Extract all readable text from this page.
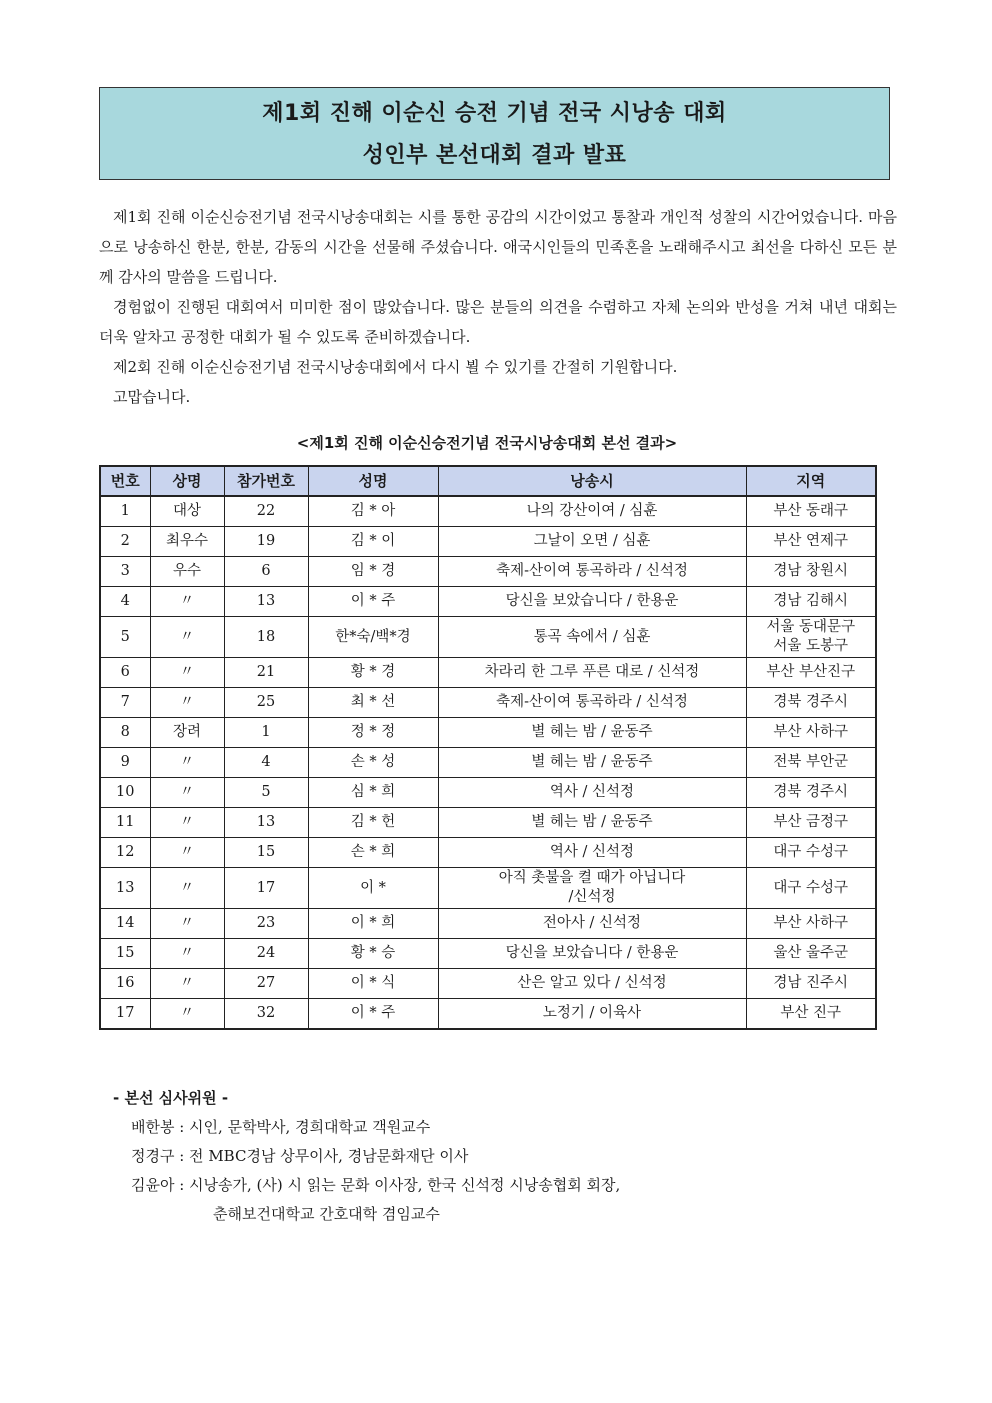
제1회 진해 이순신 승전 기념 전국 시낭송 대회
성인부 본선대회 결과 발표

제1회 진해 이순신승전기념 전국시낭송대회는 시를 통한 공감의 시간이었고 통찰과 개인적 성찰의 시간어었습니다. 마음으로 낭송하신 한분, 한분, 감동의 시간을 선물해 주셨습니다. 애국시인들의 민족혼을 노래해주시고 최선을 다하신 모든 분께 감사의 말씀을 드립니다.

경험없이 진행된 대회여서 미미한 점이 많았습니다. 많은 분들의 의견을 수렴하고 자체 논의와 반성을 거쳐 내년 대회는 더욱 알차고 공정한 대회가 될 수 있도록 준비하겠습니다.

제2회 진해 이순신승전기념 전국시낭송대회에서 다시 뵐 수 있기를 간절히 기원합니다.

고맙습니다.

<제1회 진해 이순신승전기념 전국시낭송대회 본선 결과>
번호	상명	참가번호	성명	낭송시	지역

1	대상	22	김 * 아	나의 강산이여 / 심훈	부산 동래구

2	최우수	19	김 * 이	그날이 오면 / 심훈	부산 연제구

3	우수	6	임 * 경	축제-산이여 통곡하라 / 신석정	경남 창원시

4	〃	13	이 * 주	당신을 보았습니다 / 한용운	경남 김해시

5	〃	18	한*숙/백*경	통곡 속에서 / 심훈	서울 동대문구
서울 도봉구

6	〃	21	황 * 경	차라리 한 그루 푸른 대로 / 신석정	부산 부산진구

7	〃	25	최 * 선	축제-산이여 통곡하라 / 신석정	경북 경주시

8	장려	1	정 * 정	별 헤는 밤 / 윤동주	부산 사하구

9	〃	4	손 * 성	별 헤는 밤 / 윤동주	전북 부안군

10	〃	5	심 * 희	역사 / 신석정	경북 경주시

11	〃	13	김 * 헌	별 헤는 밤 / 윤동주	부산 금정구

12	〃	15	손 * 희	역사 / 신석정	대구 수성구

13	〃	17	이 *	아직 촛불을 켤 때가 아닙니다
/신석정	대구 수성구

14	〃	23	이 * 희	전아사 / 신석정	부산 사하구

15	〃	24	황 * 승	당신을 보았습니다 / 한용운	울산 울주군

16	〃	27	이 * 식	산은 알고 있다 / 신석정	경남 진주시

17	〃	32	이 * 주	노정기 / 이육사	부산 진구
- 본선 심사위원 -
배한봉 : 시인, 문학박사, 경희대학교 객원교수
정경구 : 전 MBC경남 상무이사, 경남문화재단 이사
김윤아 : 시낭송가, (사) 시 읽는 문화 이사장, 한국 신석정 시낭송협회 회장,
춘해보건대학교 간호대학 겸임교수
